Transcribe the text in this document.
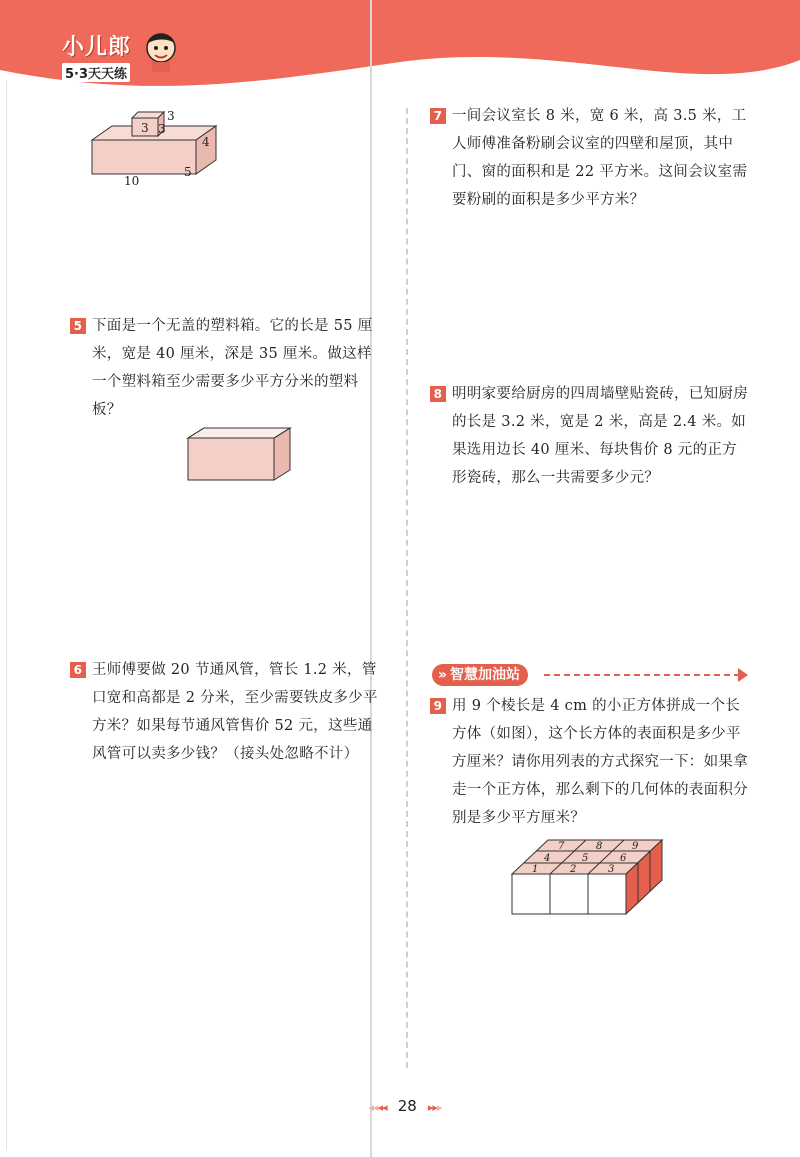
小儿郎
5·3天天练
3 3
3
10
5
4
5 下面是一个无盖的塑料箱。它的长是 55 厘米，宽是 40 厘米，深是 35 厘米。做这样一个塑料箱至少需要多少平方分米的塑料板？

6 王师傅要做 20 节通风管，管长 1.2 米，管口宽和高都是 2 分米，至少需要铁皮多少平方米？如果每节通风管售价 52 元，这些通风管可以卖多少钱？（接头处忽略不计）

7 一间会议室长 8 米，宽 6 米，高 3.5 米，工人师傅准备粉刷会议室的四壁和屋顶，其中门、窗的面积和是 22 平方米。这间会议室需要粉刷的面积是多少平方米？

8 明明家要给厨房的四周墙壁贴瓷砖，已知厨房的长是 3.2 米，宽是 2 米，高是 2.4 米。如果选用边长 40 厘米、每块售价 8 元的正方形瓷砖，那么一共需要多少元？

» 智慧加油站
9 用 9 个棱长是 4 cm 的小正方体拼成一个长方体（如图），这个长方体的表面积是多少平方厘米？请你用列表的方式探究一下：如果拿走一个正方体，那么剩下的几何体的表面积分别是多少平方厘米？

7	8	9
4	5	6
1	2	3
◂◂◂◂ 28 ▸▸▸
